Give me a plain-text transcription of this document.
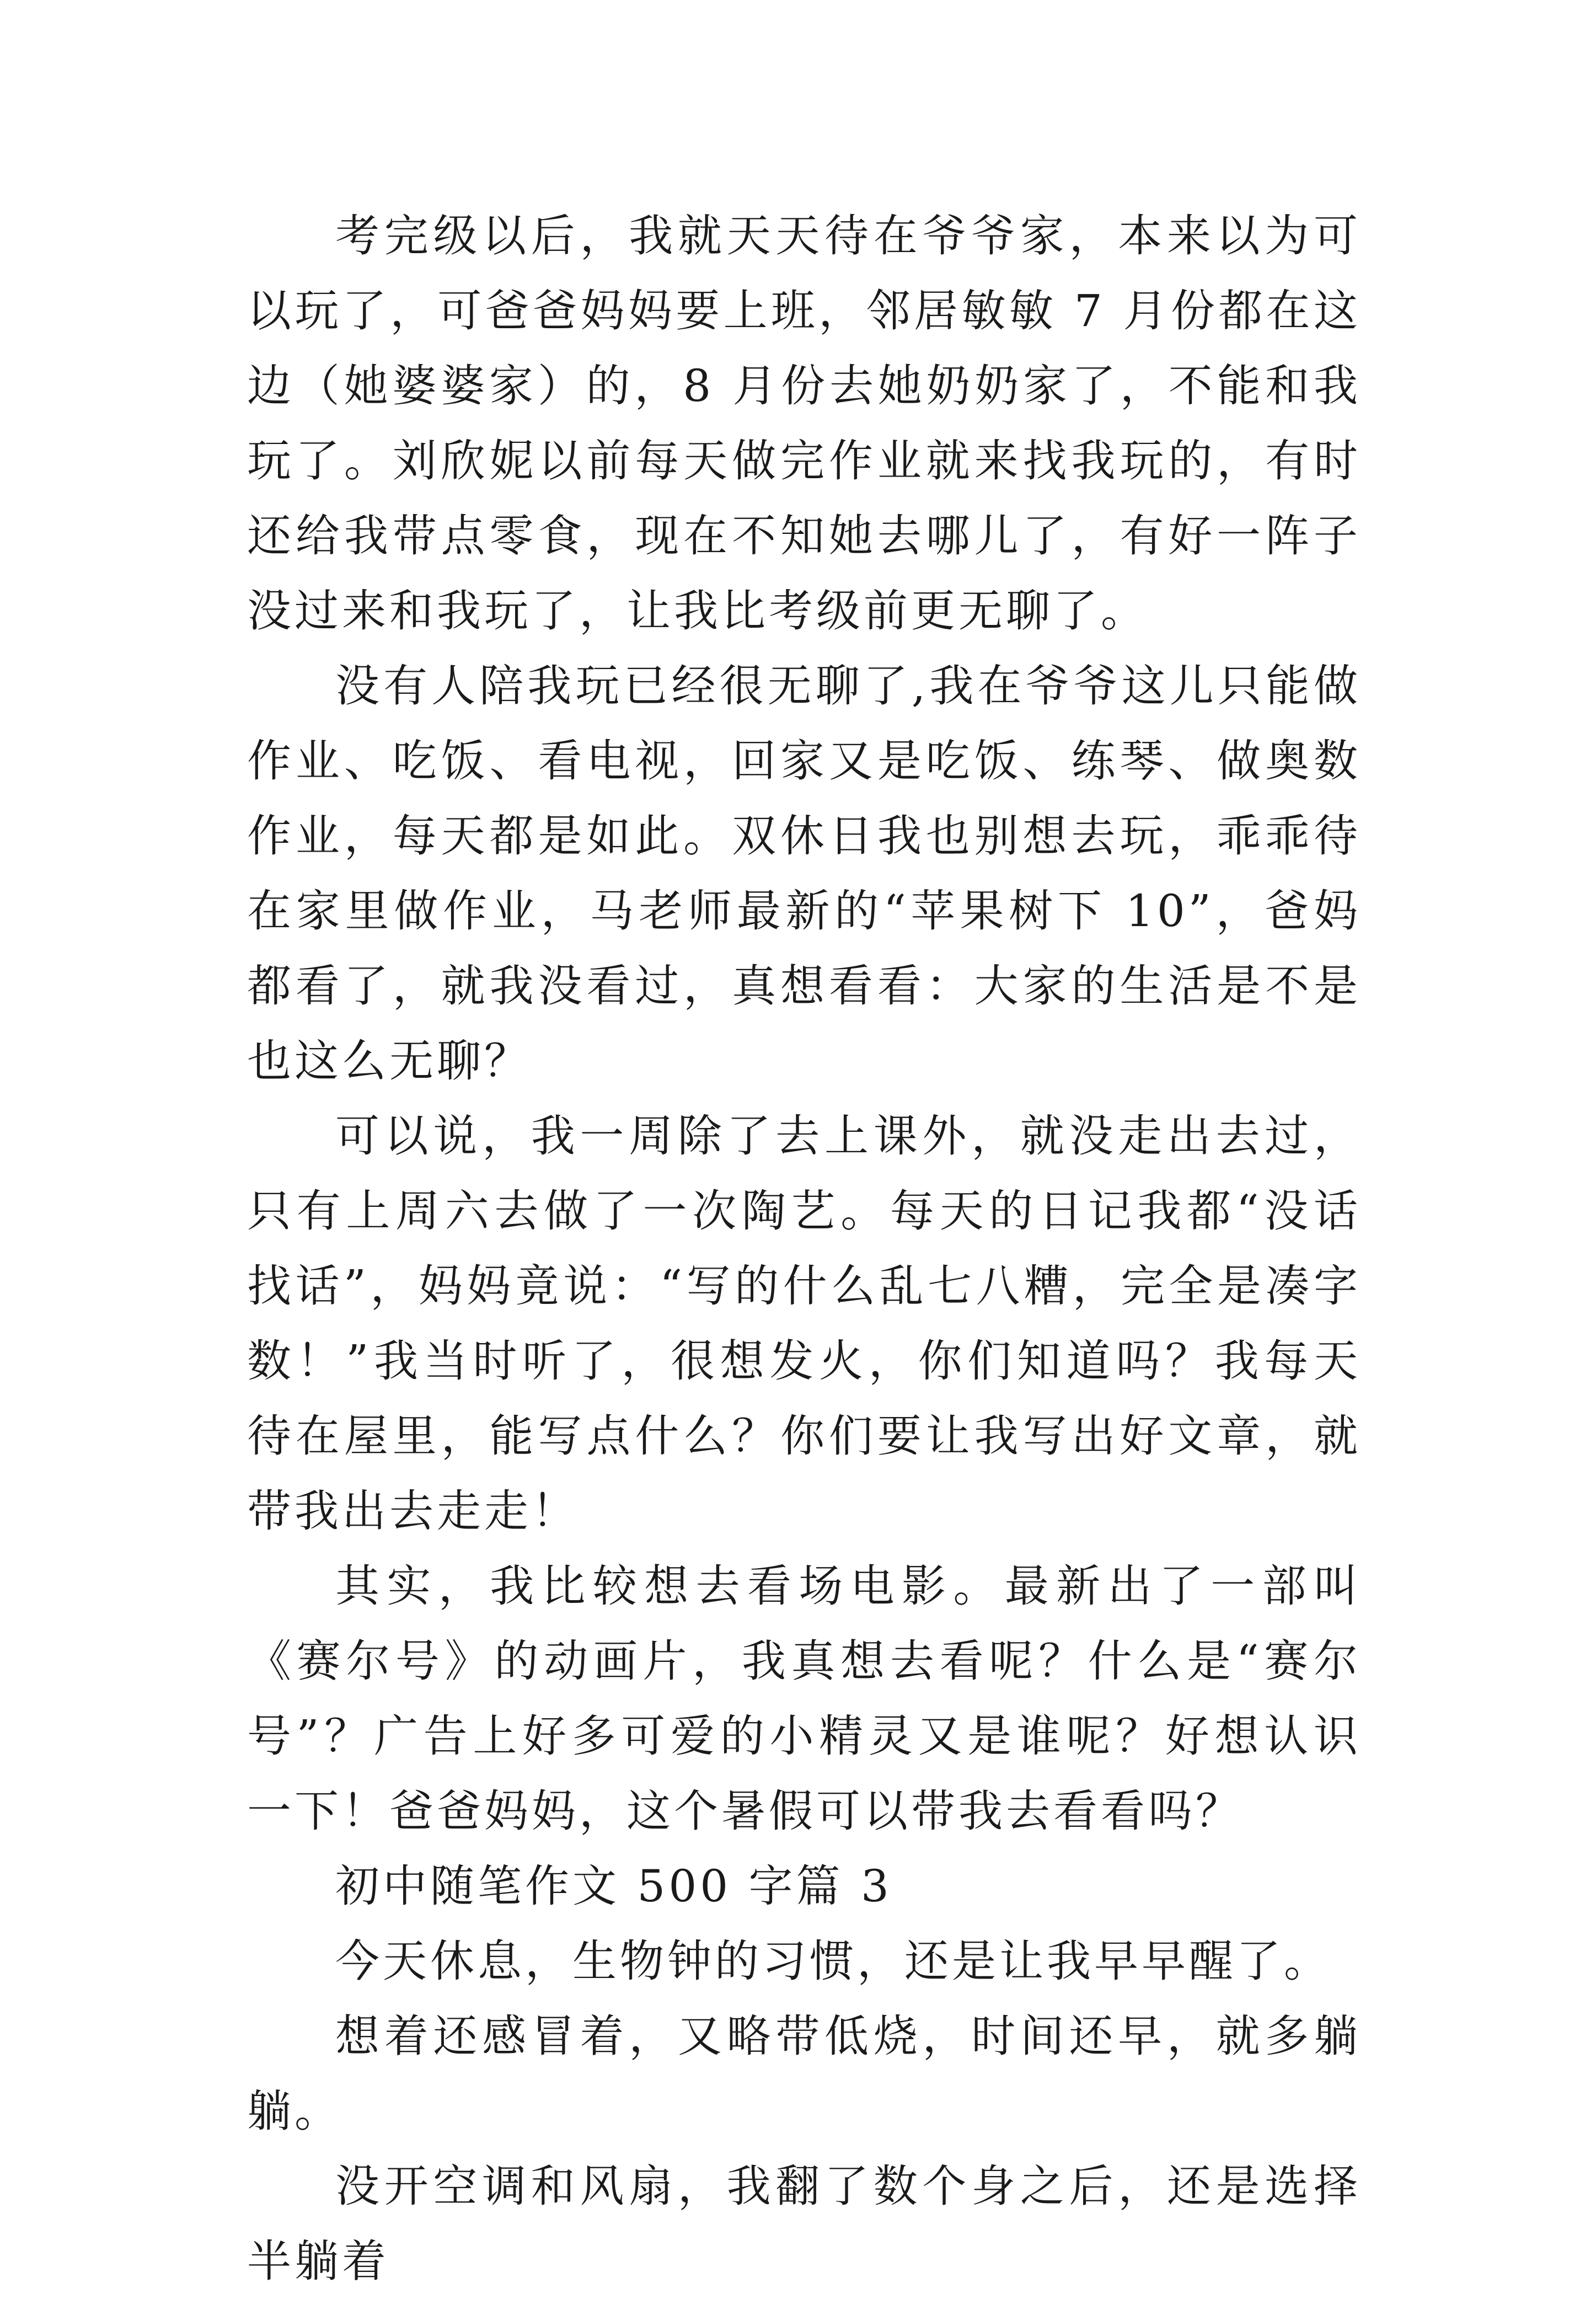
考完级以后，我就天天待在爷爷家，本来以为可以玩了，可爸爸妈妈要上班，邻居敏敏 7 月份都在这边（她婆婆家）的，8 月份去她奶奶家了，不能和我玩了。刘欣妮以前每天做完作业就来找我玩的，有时还给我带点零食，现在不知她去哪儿了，有好一阵子没过来和我玩了，让我比考级前更无聊了。

没有人陪我玩已经很无聊了,我在爷爷这儿只能做作业、吃饭、看电视，回家又是吃饭、练琴、做奥数作业，每天都是如此。双休日我也别想去玩，乖乖待在家里做作业，马老师最新的“苹果树下 10”，爸妈都看了，就我没看过，真想看看：大家的生活是不是也这么无聊？

可以说，我一周除了去上课外，就没走出去过，只有上周六去做了一次陶艺。每天的日记我都“没话找话”，妈妈竟说：“写的什么乱七八糟，完全是凑字数！”我当时听了，很想发火，你们知道吗？我每天待在屋里，能写点什么？你们要让我写出好文章，就带我出去走走！

其实，我比较想去看场电影。最新出了一部叫《赛尔号》的动画片，我真想去看呢？什么是“赛尔号”？广告上好多可爱的小精灵又是谁呢？好想认识一下！爸爸妈妈，这个暑假可以带我去看看吗？

初中随笔作文 500 字篇 3

今天休息，生物钟的习惯，还是让我早早醒了。

想着还感冒着，又略带低烧，时间还早，就多躺躺。

没开空调和风扇，我翻了数个身之后，还是选择半躺着
